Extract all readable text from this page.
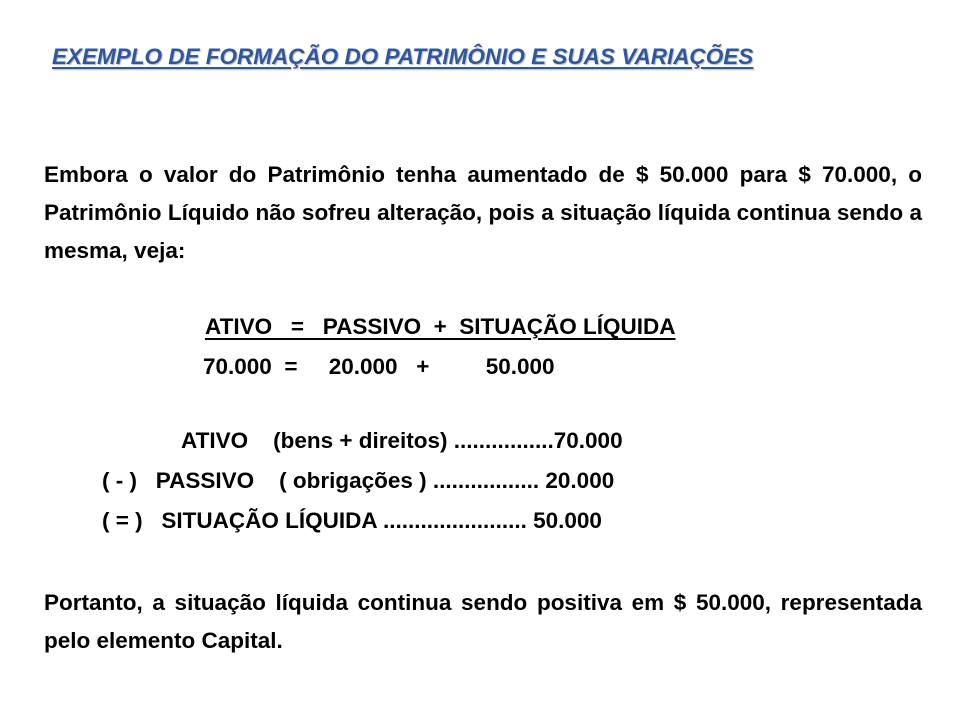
EXEMPLO DE FORMAÇÃO DO PATRIMÔNIO E SUAS VARIAÇÕES
Embora o valor do Patrimônio tenha aumentado de $ 50.000 para $ 70.000, o Patrimônio Líquido não sofreu alteração, pois a situação líquida continua sendo a mesma, veja:
ATIVO   =   PASSIVO  +  SITUAÇÃO LÍQUIDA
70.000  =     20.000   +         50.000
ATIVO    (bens + direitos) ................70.000
( - )   PASSIVO    ( obrigações ) ................. 20.000
( = )   SITUAÇÃO LÍQUIDA ....................... 50.000
Portanto, a situação líquida continua sendo positiva em $ 50.000, representada pelo elemento Capital.
